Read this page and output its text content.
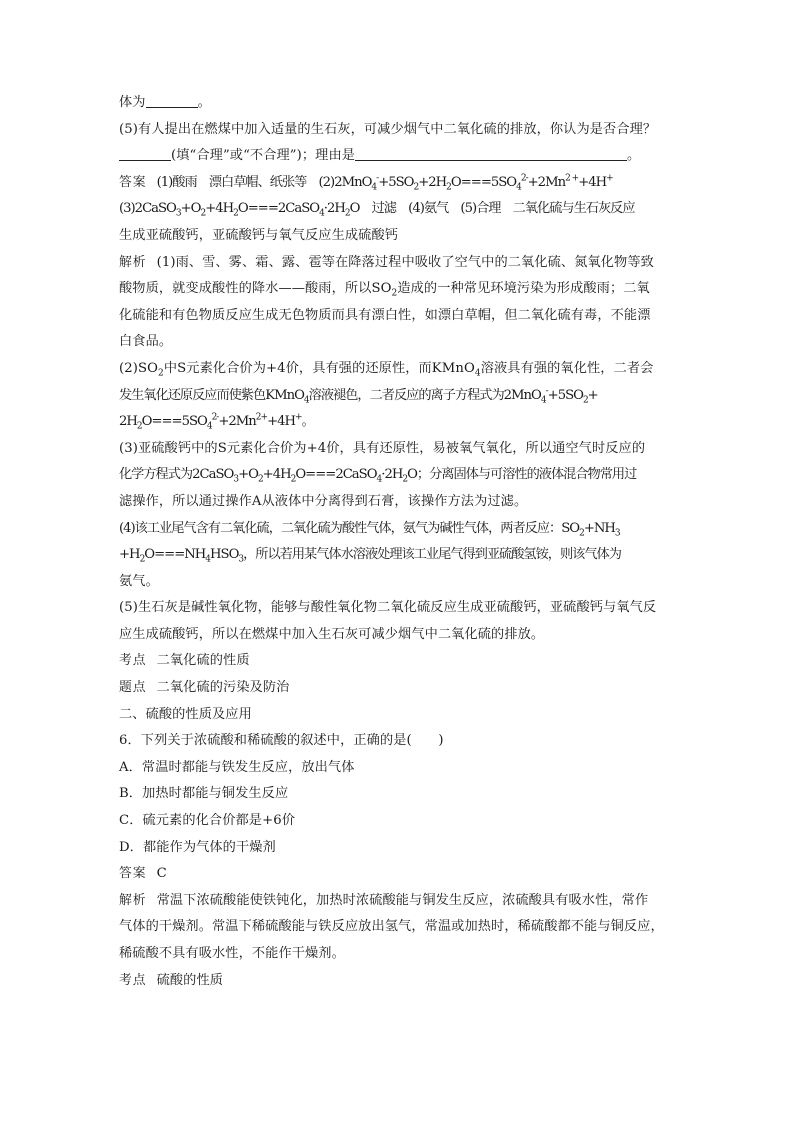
体为	。
(5)有人提出在燃煤中加入适量的生石灰，可减少烟气中二氧化硫的排放，你认为是否合理？
(填“合理”或“不合理”)；理由是	。
答案 (1)酸雨　漂白草帽、纸张等　$(2)2MnO_4^-+5SO_2+2H_2O===5SO_4^{2-}+2Mn^{2 +}+4H^+$
$(3)2CaSO_3+O_2+4H_2O===2CaSO_4\cdot 2H_2O$　过滤　(4)氨气　(5)合理　二氧化硫与生石灰反应
生成亚硫酸钙，亚硫酸钙与氧气反应生成硫酸钙
解析 (1)雨、雪、雾、霜、露、雹等在降落过程中吸收了空气中的二氧化硫、氮氧化物等致
酸物质，就变成酸性的降水——酸雨，所以$SO_2$造成的一种常见环境污染为形成酸雨；二氧
化硫能和有色物质反应生成无色物质而具有漂白性，如漂白草帽，但二氧化硫有毒，不能漂
白食品。
$(2)SO_2$中S元素化合价为+4价，具有强的还原性，而KMnO$_4$溶液具有强的氧化性，二者会
发生氧化还原反应而使紫色KMnO$_4$溶液褪色，二者反应的离子方程式为$2MnO_4^-+5SO_2+$
$2H_2O===5SO_4^{2-}+2Mn^{2+}+4H^+$。
(3)亚硫酸钙中的S元素化合价为+4价，具有还原性，易被氧气氧化，所以通空气时反应的
化学方程式为$2CaSO_3+O_2+4H_2O===2CaSO_4\cdot 2H_2O$；分离固体与可溶性的液体混合物常用过
滤操作，所以通过操作A从液体中分离得到石膏，该操作方法为过滤。
(4)该工业尾气含有二氧化硫，二氧化硫为酸性气体，氨气为碱性气体，两者反应：$SO_2+NH_3$
$+H_2O===NH_4HSO_3$，所以若用某气体水溶液处理该工业尾气得到亚硫酸氢铵，则该气体为
氨气。
(5)生石灰是碱性氧化物，能够与酸性氧化物二氧化硫反应生成亚硫酸钙，亚硫酸钙与氧气反
应生成硫酸钙，所以在燃煤中加入生石灰可减少烟气中二氧化硫的排放。
考点 二氧化硫的性质
题点 二氧化硫的污染及防治
二、硫酸的性质及应用
6．下列关于浓硫酸和稀硫酸的叙述中，正确的是(　　)
A．常温时都能与铁发生反应，放出气体
B．加热时都能与铜发生反应
C．硫元素的化合价都是+6价
D．都能作为气体的干燥剂
答案 C
解析 常温下浓硫酸能使铁钝化，加热时浓硫酸能与铜发生反应，浓硫酸具有吸水性，常作
气体的干燥剂。常温下稀硫酸能与铁反应放出氢气，常温或加热时，稀硫酸都不能与铜反应，
稀硫酸不具有吸水性，不能作干燥剂。
考点 硫酸的性质
